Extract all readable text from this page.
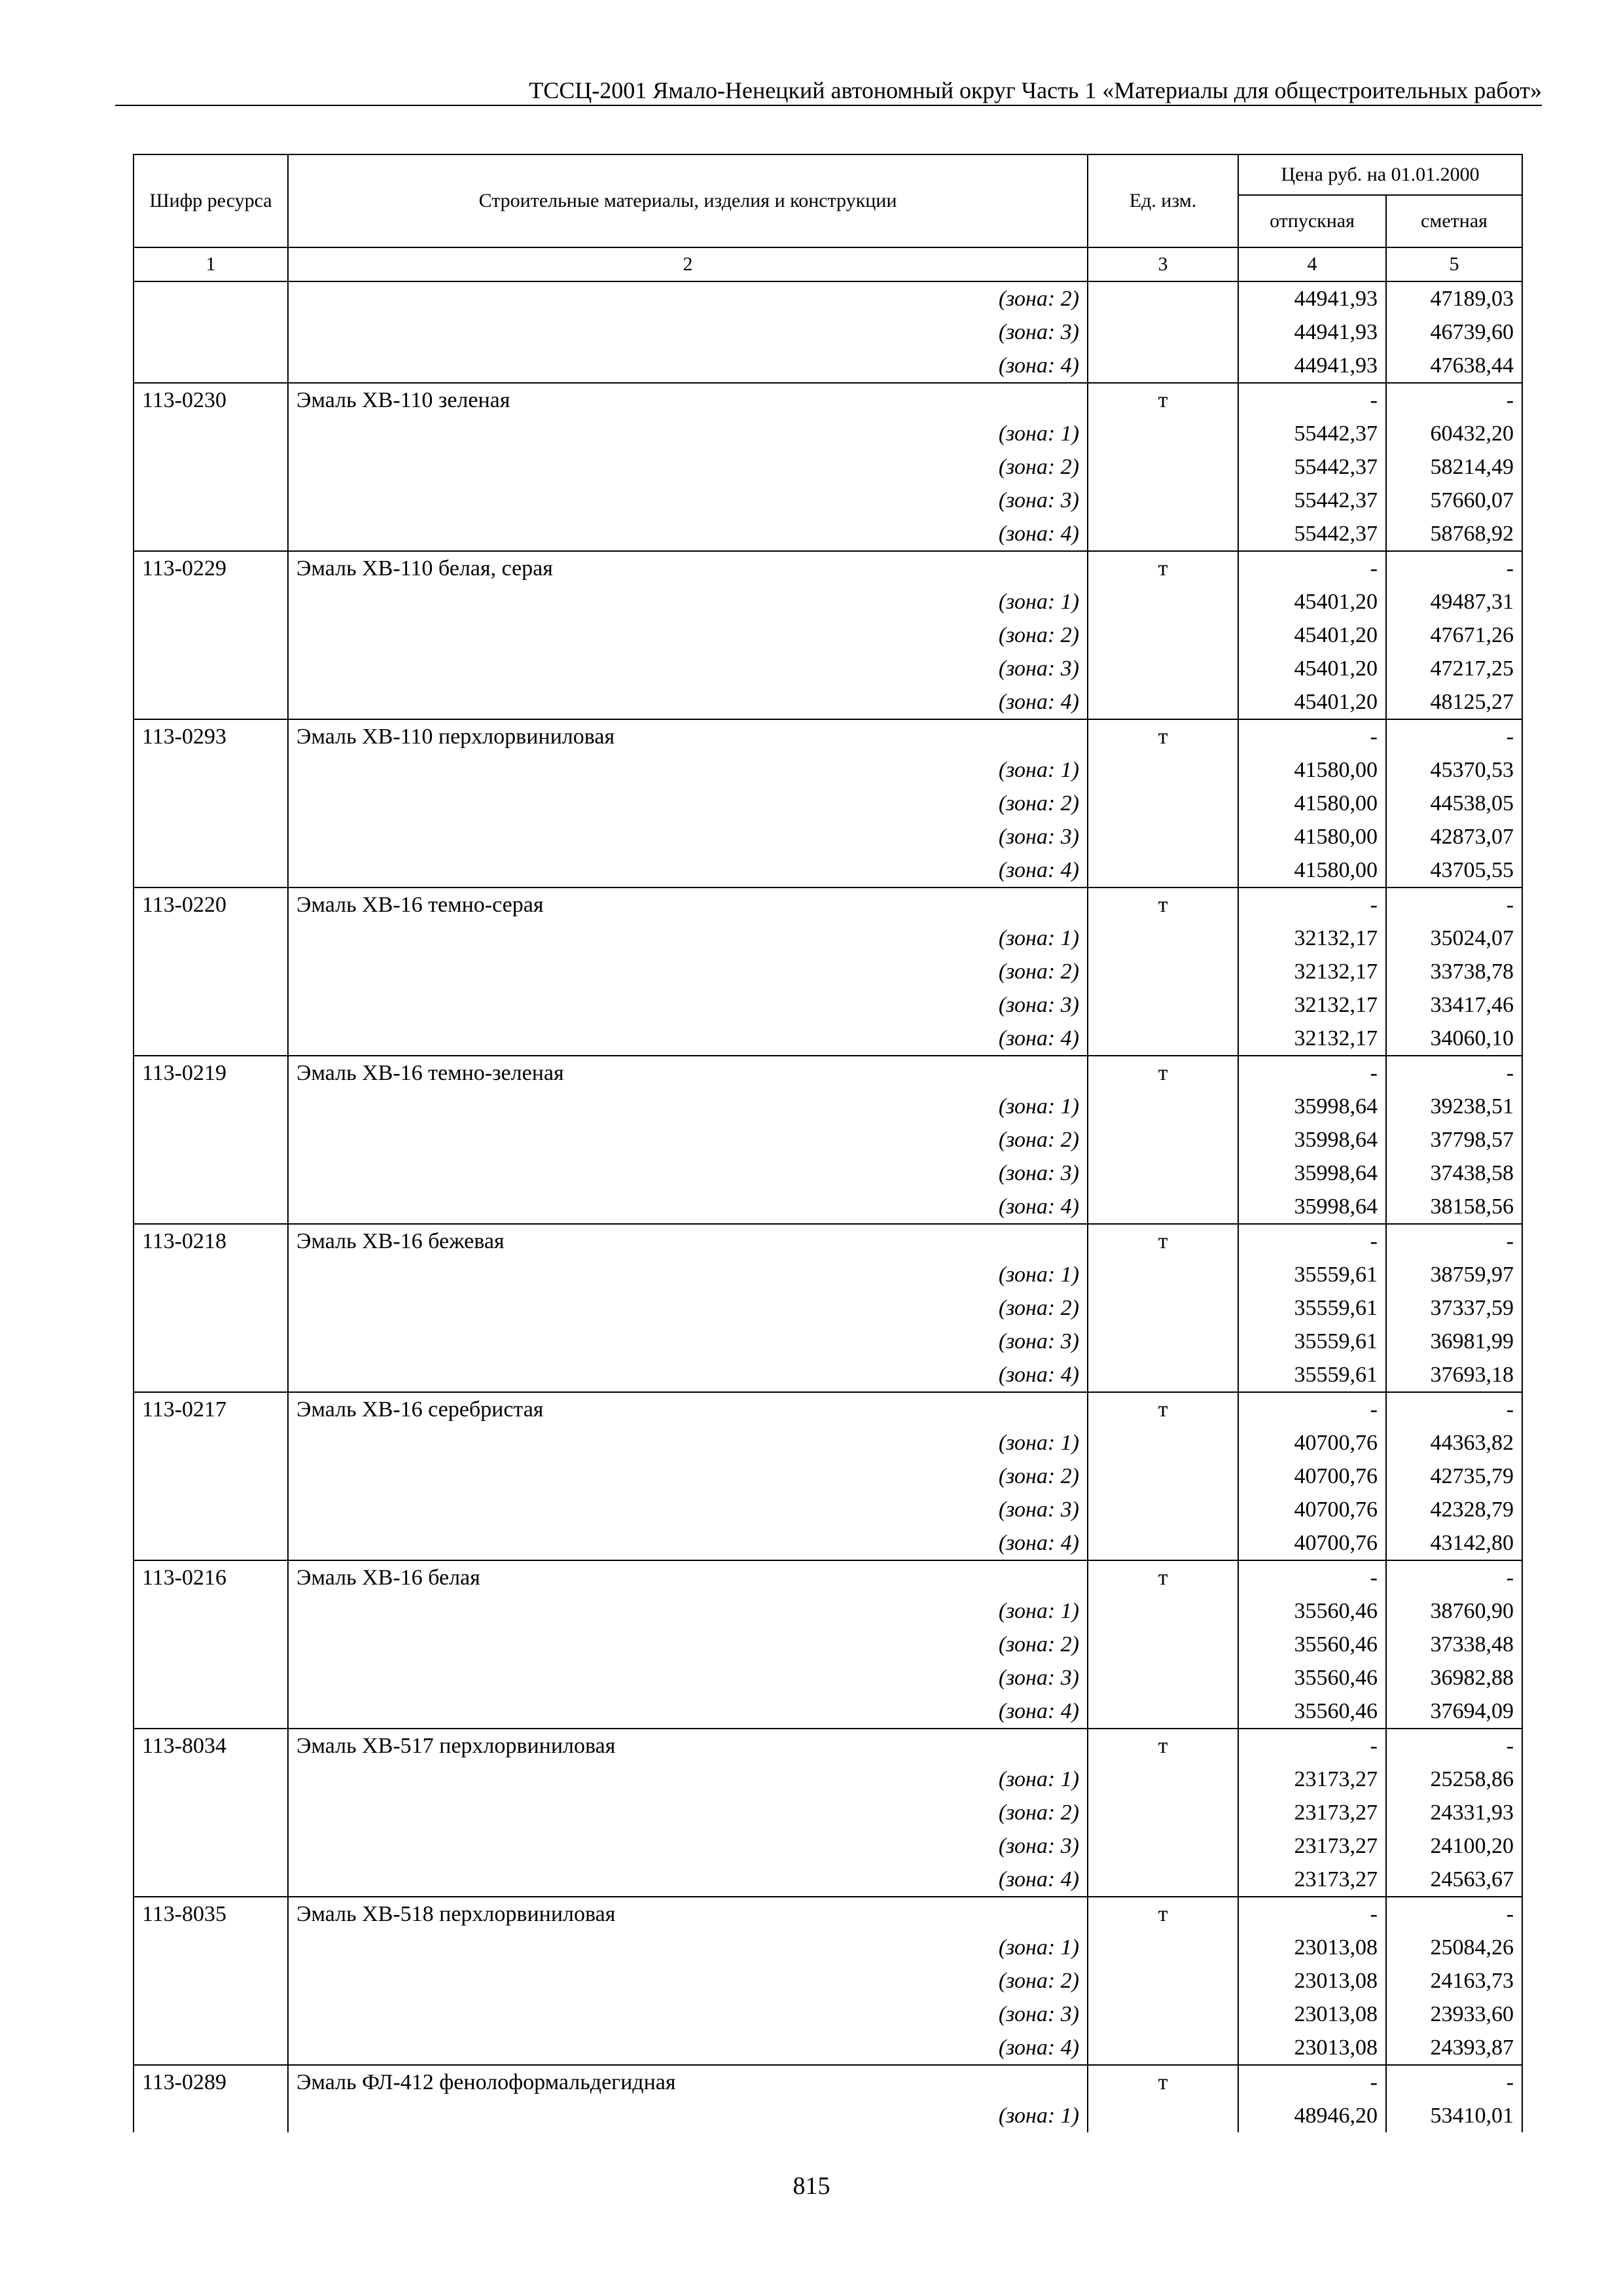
ТССЦ-2001 Ямало-Ненецкий автономный округ Часть 1 «Материалы для общестроительных работ»
Шифр ресурса	Строительные материалы, изделия и конструкции	Ед. изм.	Цена руб. на 01.01.2000	
			отпускная	сметная
1	2	3	4	5
	(зона: 2)		44941,93	47189,03
	(зона: 3)		44941,93	46739,60
	(зона: 4)		44941,93	47638,44
113-0230	Эмаль ХВ-110 зеленая	т	-	-
	(зона: 1)		55442,37	60432,20
	(зона: 2)		55442,37	58214,49
	(зона: 3)		55442,37	57660,07
	(зона: 4)		55442,37	58768,92
113-0229	Эмаль ХВ-110 белая, серая	т	-	-
	(зона: 1)		45401,20	49487,31
	(зона: 2)		45401,20	47671,26
	(зона: 3)		45401,20	47217,25
	(зона: 4)		45401,20	48125,27
113-0293	Эмаль ХВ-110 перхлорвиниловая	т	-	-
	(зона: 1)		41580,00	45370,53
	(зона: 2)		41580,00	44538,05
	(зона: 3)		41580,00	42873,07
	(зона: 4)		41580,00	43705,55
113-0220	Эмаль ХВ-16 темно-серая	т	-	-
	(зона: 1)		32132,17	35024,07
	(зона: 2)		32132,17	33738,78
	(зона: 3)		32132,17	33417,46
	(зона: 4)		32132,17	34060,10
113-0219	Эмаль ХВ-16 темно-зеленая	т	-	-
	(зона: 1)		35998,64	39238,51
	(зона: 2)		35998,64	37798,57
	(зона: 3)		35998,64	37438,58
	(зона: 4)		35998,64	38158,56
113-0218	Эмаль ХВ-16 бежевая	т	-	-
	(зона: 1)		35559,61	38759,97
	(зона: 2)		35559,61	37337,59
	(зона: 3)		35559,61	36981,99
	(зона: 4)		35559,61	37693,18
113-0217	Эмаль ХВ-16 серебристая	т	-	-
	(зона: 1)		40700,76	44363,82
	(зона: 2)		40700,76	42735,79
	(зона: 3)		40700,76	42328,79
	(зона: 4)		40700,76	43142,80
113-0216	Эмаль ХВ-16 белая	т	-	-
	(зона: 1)		35560,46	38760,90
	(зона: 2)		35560,46	37338,48
	(зона: 3)		35560,46	36982,88
	(зона: 4)		35560,46	37694,09
113-8034	Эмаль ХВ-517 перхлорвиниловая	т	-	-
	(зона: 1)		23173,27	25258,86
	(зона: 2)		23173,27	24331,93
	(зона: 3)		23173,27	24100,20
	(зона: 4)		23173,27	24563,67
113-8035	Эмаль ХВ-518 перхлорвиниловая	т	-	-
	(зона: 1)		23013,08	25084,26
	(зона: 2)		23013,08	24163,73
	(зона: 3)		23013,08	23933,60
	(зона: 4)		23013,08	24393,87
113-0289	Эмаль ФЛ-412 фенолоформальдегидная	т	-	-
	(зона: 1)		48946,20	53410,01
815
